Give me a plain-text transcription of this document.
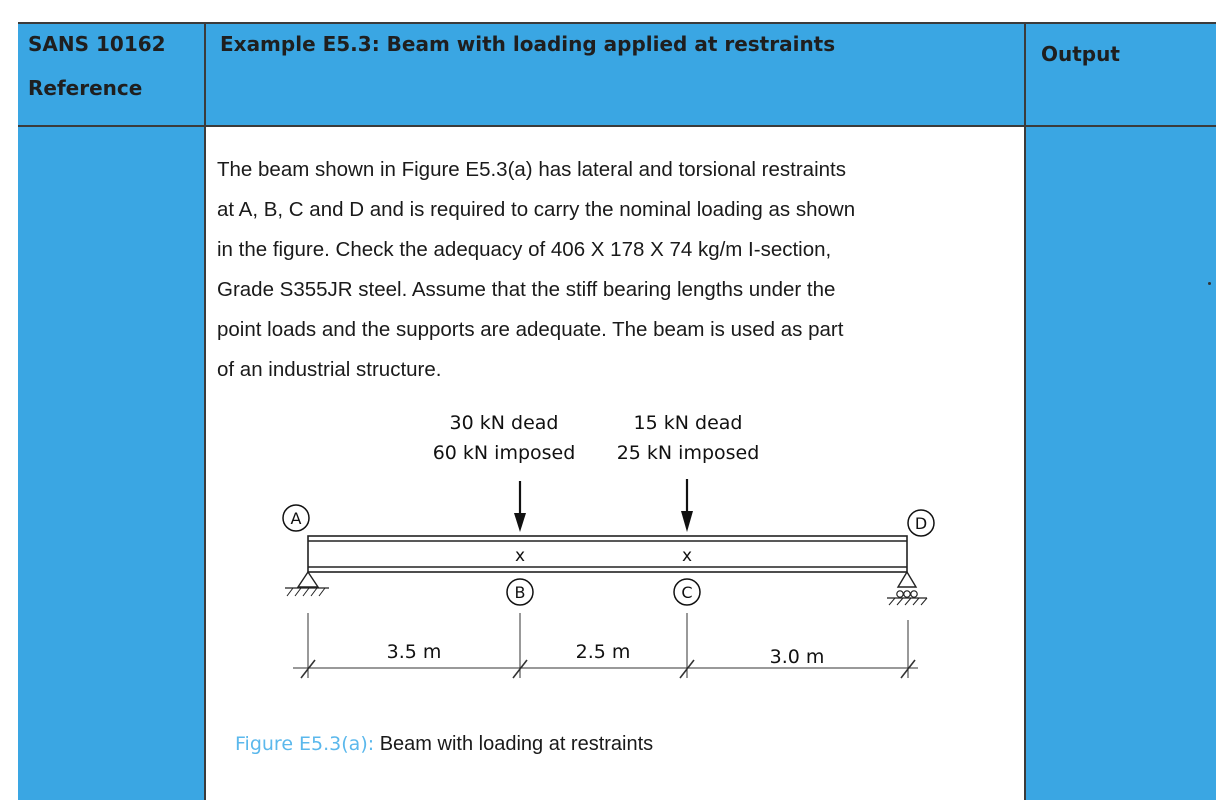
SANS 10162

Reference

Example E5.3: Beam with loading applied at restraints	Output

The beam shown in Figure E5.3(a) has lateral and torsional restraints
at A, B, C and D and is required to carry the nominal loading as shown
in the figure. Check the adequacy of 406 X 178 X 74 kg/m I-section,
Grade S355JR steel. Assume that the stiff bearing lengths under the
point loads and the supports are adequate. The beam is used as part
of an industrial structure.
30 kN dead
60 kN imposed
15 kN dead
25 kN imposed
x	x
A
B	C
D
3.5 m	2.5 m	3.0 m

Figure E5.3(a): Beam with loading at restraints
